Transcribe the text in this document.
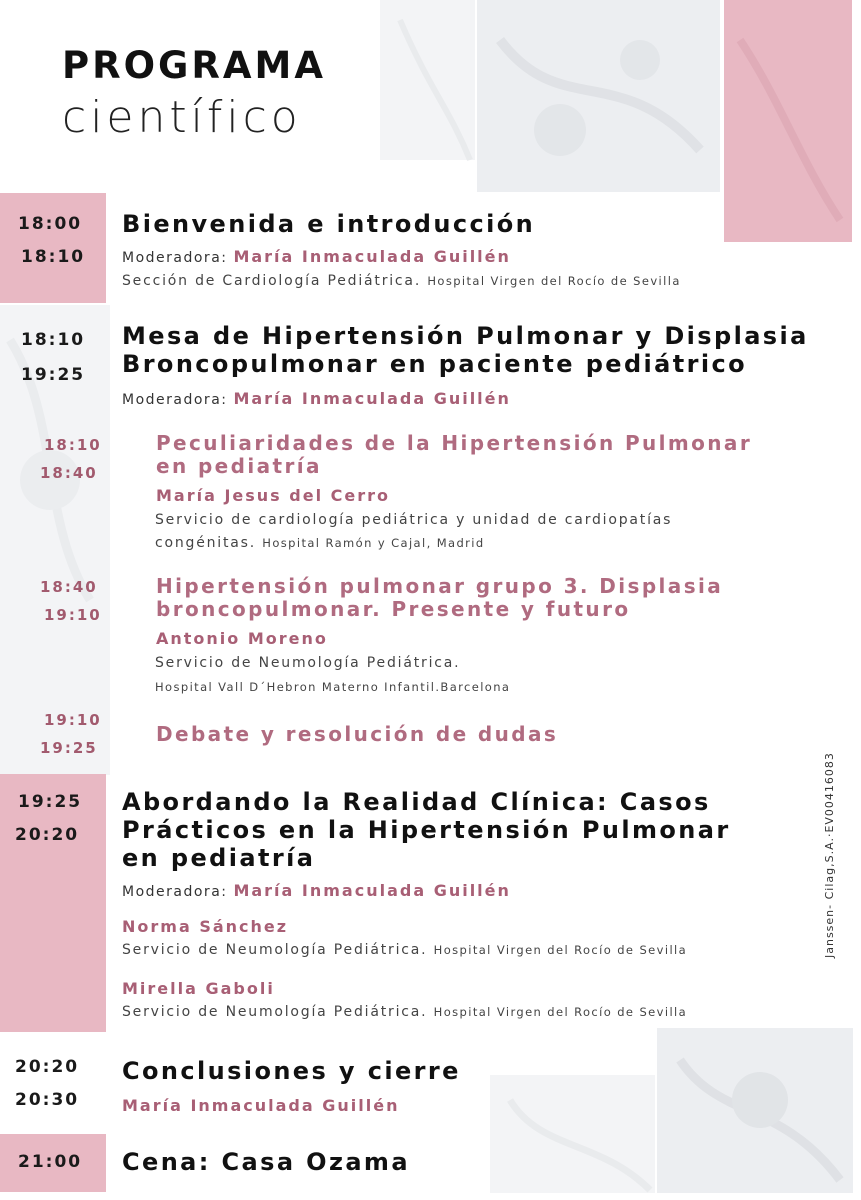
PROGRAMA
científico
18:00
18:10
Bienvenida e introducción
Moderadora: María Inmaculada Guillén
Sección de Cardiología Pediátrica. Hospital Virgen del Rocío de Sevilla
18:10
19:25
Mesa de Hipertensión Pulmonar y Displasia
Broncopulmonar en paciente pediátrico
Moderadora: María Inmaculada Guillén
18:10
18:40
Peculiaridades de la Hipertensión Pulmonar
en pediatría
María Jesus del Cerro
Servicio de cardiología pediátrica y unidad de cardiopatías
congénitas. Hospital Ramón y Cajal, Madrid
18:40
19:10
Hipertensión pulmonar grupo 3. Displasia
broncopulmonar. Presente y futuro
Antonio Moreno
Servicio de Neumología Pediátrica.
Hospital Vall D´Hebron Materno Infantil.Barcelona
19:10
19:25
Debate y resolución de dudas
19:25
20:20
Abordando la Realidad Clínica: Casos
Prácticos en la Hipertensión Pulmonar
en pediatría
Moderadora: María Inmaculada Guillén
Norma Sánchez
Servicio de Neumología Pediátrica. Hospital Virgen del Rocío de Sevilla
Mirella Gaboli
Servicio de Neumología Pediátrica. Hospital Virgen del Rocío de Sevilla
20:20
20:30
Conclusiones y cierre
María Inmaculada Guillén
21:00 Cena: Casa Ozama
Janssen- Cilag,S.A.·EV00416083
